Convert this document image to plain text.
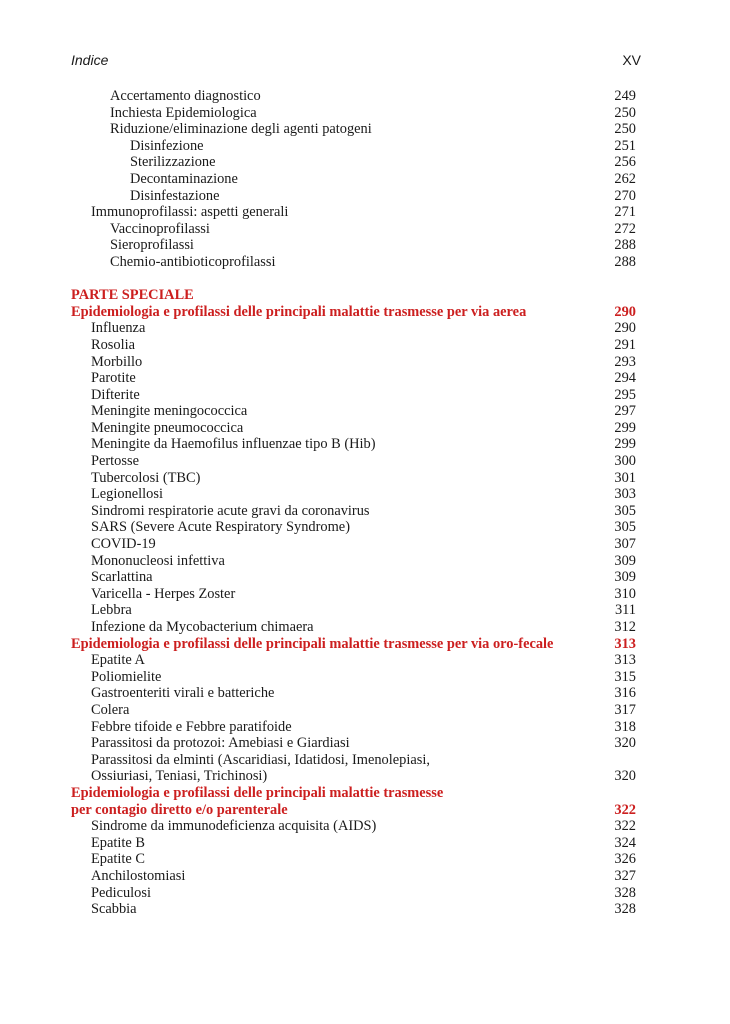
Indice	XV
Accertamento diagnostico	249
Inchiesta Epidemiologica	250
Riduzione/eliminazione degli agenti patogeni	250
Disinfezione	251
Sterilizzazione	256
Decontaminazione	262
Disinfestazione	270
Immunoprofilassi: aspetti generali	271
Vaccinoprofilassi	272
Sieroprofilassi	288
Chemio-antibioticoprofilassi	288
PARTE SPECIALE
Epidemiologia e profilassi delle principali malattie trasmesse per via aerea	290
Influenza	290
Rosolia	291
Morbillo	293
Parotite	294
Difterite	295
Meningite meningococcica	297
Meningite pneumococcica	299
Meningite da Haemofilus influenzae tipo B (Hib)	299
Pertosse	300
Tubercolosi (TBC)	301
Legionellosi	303
Sindromi respiratorie acute gravi da coronavirus	305
SARS (Severe Acute Respiratory Syndrome)	305
COVID-19	307
Mononucleosi infettiva	309
Scarlattina	309
Varicella - Herpes Zoster	310
Lebbra	311
Infezione da Mycobacterium chimaera	312
Epidemiologia e profilassi delle principali malattie trasmesse per via oro-fecale	313
Epatite A	313
Poliomielite	315
Gastroenteriti virali e batteriche	316
Colera	317
Febbre tifoide e Febbre paratifoide	318
Parassitosi da protozoi: Amebiasi e Giardiasi	320
Parassitosi da elminti (Ascaridiasi, Idatidosi, Imenolepiasi,
Ossiuriasi, Teniasi, Trichinosi)	320
Epidemiologia e profilassi delle principali malattie trasmesse
per contagio diretto e/o parenterale	322
Sindrome da immunodeficienza acquisita (AIDS)	322
Epatite B	324
Epatite C	326
Anchilostomiasi	327
Pediculosi	328
Scabbia	328
